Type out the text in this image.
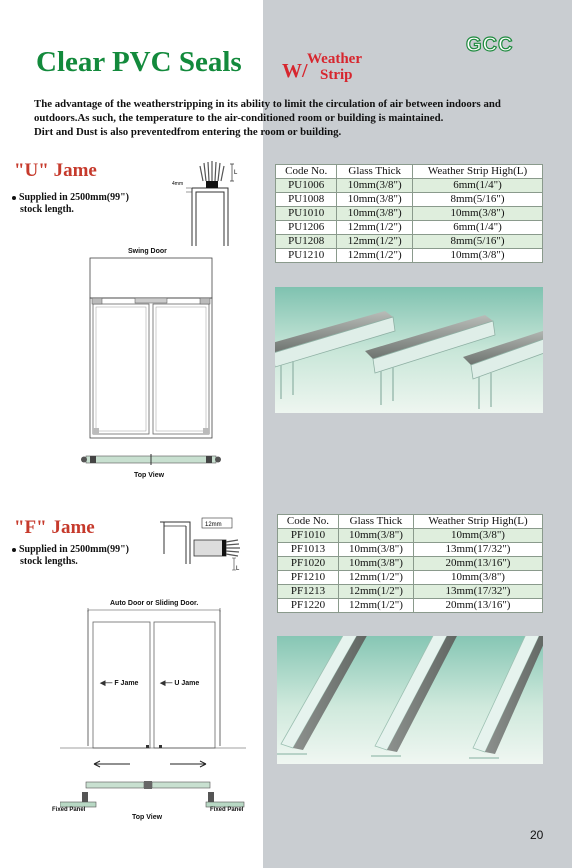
Clear PVC Seals W/
Weather
Strip
GCC
The advantage of the weatherstripping in its ability to limit the circulation of air between indoors and
outdoors.As such, the temperature to the air-conditioned room or building is maintained.
Dirt and Dust is also preventedfrom entering the room or building.
"U" Jame
Supplied in 2500mm(99")
stock length.
L
4mm
Swing Door
Top View
Code No.	Glass Thick	Weather Strip High(L)
PU1006	10mm(3/8")	6mm(1/4")
PU1008	10mm(3/8")	8mm(5/16")
PU1010	10mm(3/8")	10mm(3/8")
PU1206	12mm(1/2")	6mm(1/4")
PU1208	12mm(1/2")	8mm(5/16")
PU1210	12mm(1/2")	10mm(3/8")
"F" Jame
Supplied in 2500mm(99")
stock lengths.
12mm
L
Auto Door or Sliding Door.
◀— F Jame	◀— U Jame
Fixed Panel	Fixed Panel
Top View
Code No.	Glass Thick	Weather Strip High(L)
PF1010	10mm(3/8")	10mm(3/8")
PF1013	10mm(3/8")	13mm(17/32")
PF1020	10mm(3/8")	20mm(13/16")
PF1210	12mm(1/2")	10mm(3/8")
PF1213	12mm(1/2")	13mm(17/32")
PF1220	12mm(1/2")	20mm(13/16")
20
